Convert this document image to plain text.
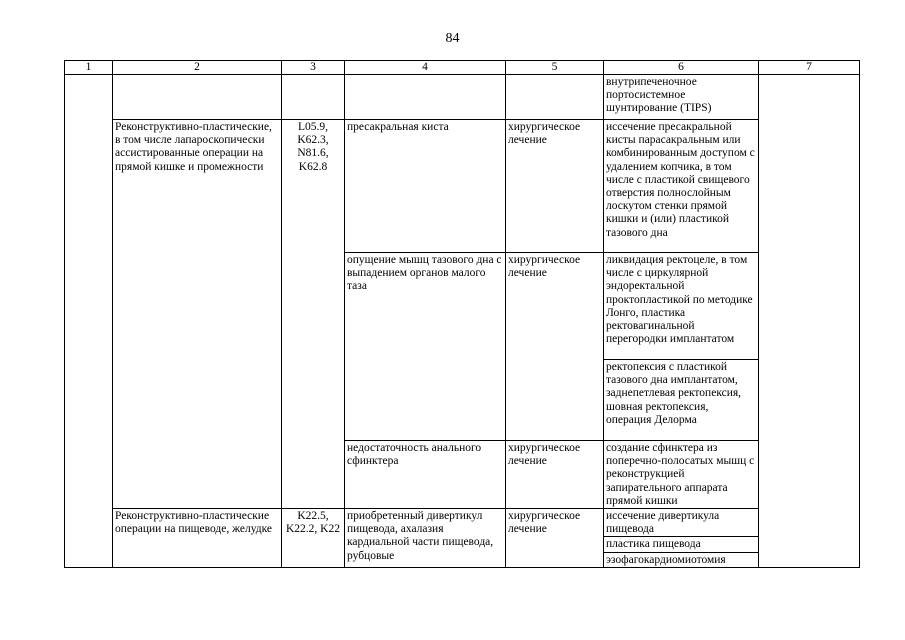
84
1	2	3	4	5	6	7
					внутрипеченочное портосистемное шунтирование (TIPS)	
	Реконструктивно-пластические, в том числе лапароскопически ассистированные операции на прямой кишке и промежности	L05.9, K62.3, N81.6, K62.8	пресакральная киста	хирургическое лечение	иссечение пресакральной кисты парасакральным или комбинированным доступом с удалением копчика, в том числе с пластикой свищевого отверстия полнослойным лоскутом стенки прямой кишки и (или) пластикой тазового дна	
			опущение мышц тазового дна с выпадением органов малого таза	хирургическое лечение	ликвидация ректоцеле, в том числе с циркулярной эндоректальной проктопластикой по методике Лонго, пластика ректовагинальной перегородки имплантатом	
					ректопексия с пластикой тазового дна имплантатом, заднепетлевая ректопексия, шовная ректопексия, операция Делорма	
			недостаточность анального сфинктера	хирургическое лечение	создание сфинктера из поперечно-полосатых мышц с реконструкцией запирательного аппарата прямой кишки	
	Реконструктивно-пластические операции на пищеводе, желудке	K22.5, K22.2, K22	приобретенный дивертикул пищевода, ахалазия кардиальной части пищевода, рубцовые	хирургическое лечение	иссечение дивертикула пищевода	
					пластика пищевода	
					эзофагокардиомиотомия	
